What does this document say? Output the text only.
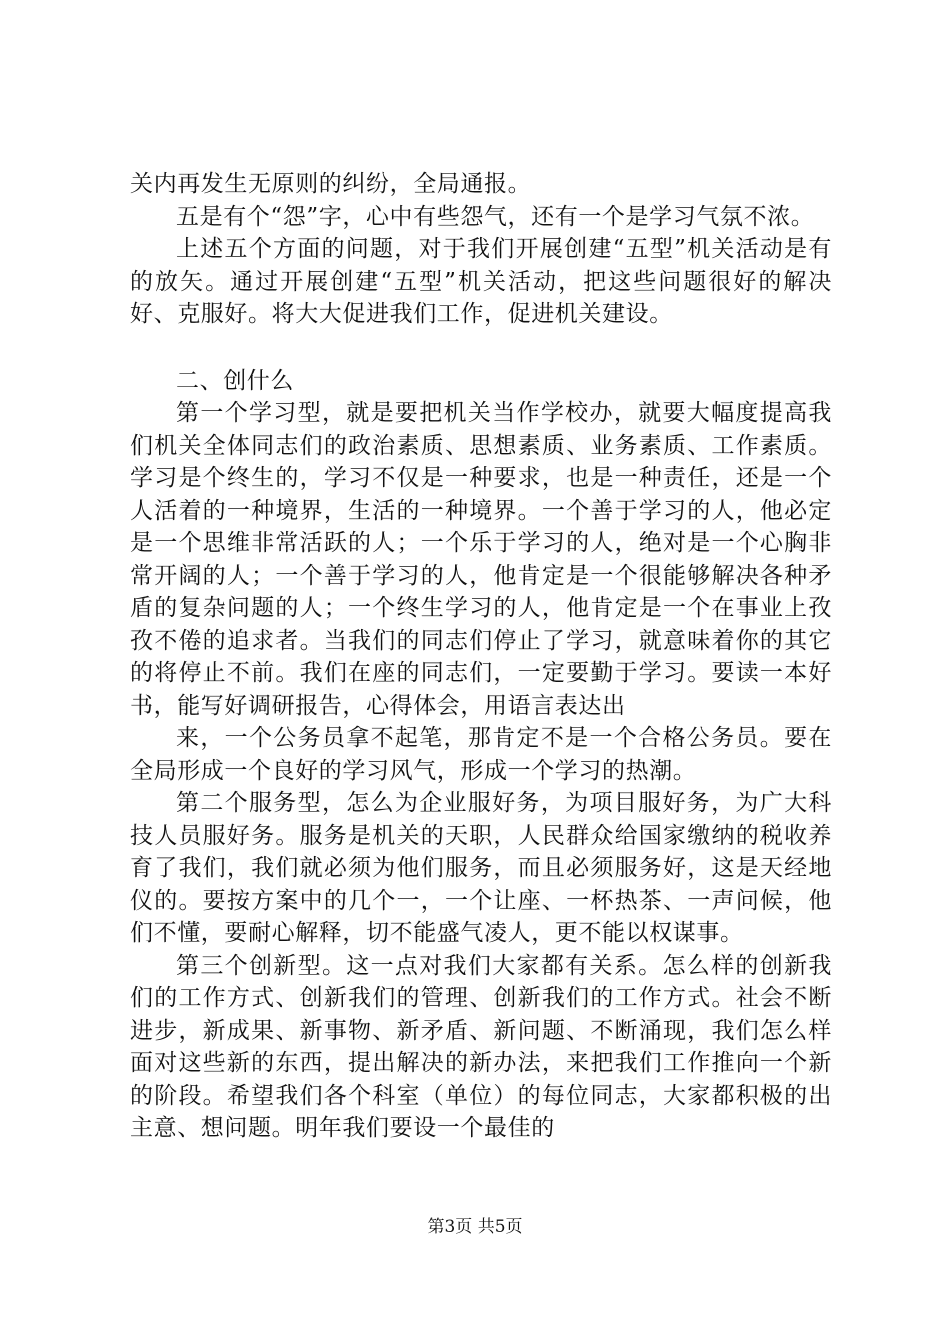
关内再发生无原则的纠纷，全局通报。

五是有个“怨”字，心中有些怨气，还有一个是学习气氛不浓。

上述五个方面的问题，对于我们开展创建“五型”机关活动是有的放矢。通过开展创建“五型”机关活动，把这些问题很好的解决好、克服好。将大大促进我们工作，促进机关建设。

二、创什么

第一个学习型，就是要把机关当作学校办，就要大幅度提高我们机关全体同志们的政治素质、思想素质、业务素质、工作素质。学习是个终生的，学习不仅是一种要求，也是一种责任，还是一个人活着的一种境界，生活的一种境界。一个善于学习的人，他必定是一个思维非常活跃的人；一个乐于学习的人，绝对是一个心胸非常开阔的人；一个善于学习的人，他肯定是一个很能够解决各种矛盾的复杂问题的人；一个终生学习的人，他肯定是一个在事业上孜孜不倦的追求者。当我们的同志们停止了学习，就意味着你的其它的将停止不前。我们在座的同志们，一定要勤于学习。要读一本好书，能写好调研报告，心得体会，用语言表达出

来，一个公务员拿不起笔，那肯定不是一个合格公务员。要在全局形成一个良好的学习风气，形成一个学习的热潮。

第二个服务型，怎么为企业服好务，为项目服好务，为广大科技人员服好务。服务是机关的天职，人民群众给国家缴纳的税收养育了我们，我们就必须为他们服务，而且必须服务好，这是天经地仪的。要按方案中的几个一，一个让座、一杯热茶、一声问候，他们不懂，要耐心解释，切不能盛气凌人，更不能以权谋事。

第三个创新型。这一点对我们大家都有关系。怎么样的创新我们的工作方式、创新我们的管理、创新我们的工作方式。社会不断进步，新成果、新事物、新矛盾、新问题、不断涌现，我们怎么样面对这些新的东西，提出解决的新办法，来把我们工作推向一个新的阶段。希望我们各个科室（单位）的每位同志，大家都积极的出主意、想问题。明年我们要设一个最佳的

第3页 共5页
